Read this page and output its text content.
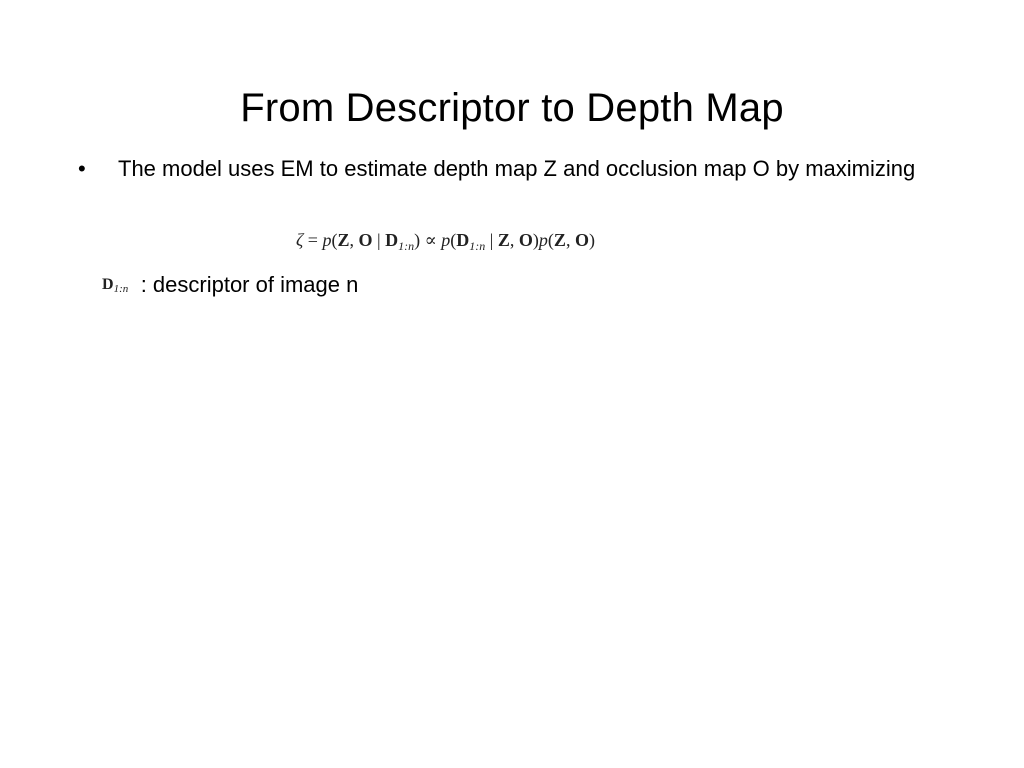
From Descriptor to Depth Map
• The model uses EM to estimate depth map Z and occlusion map O by maximizing
ζ = p(Z, O | $D_{1:n}) \propto p(D_{1:n}$ | Z, O)p(Z, O)
$D_{1:n}$ : descriptor of image n
